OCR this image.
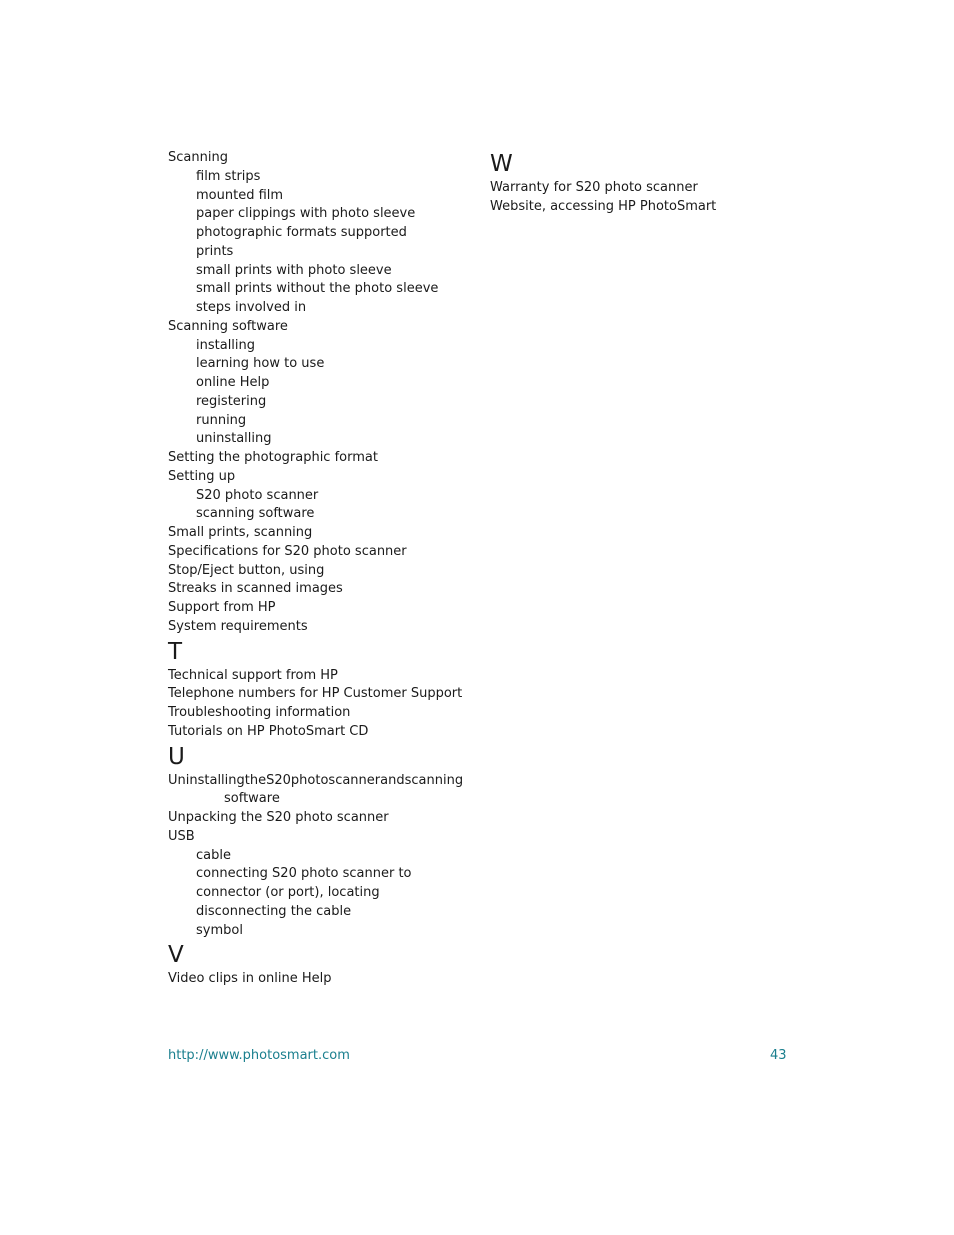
Scanning
film strips
mounted film
paper clippings with photo sleeve
photographic formats supported
prints
small prints with photo sleeve
small prints without the photo sleeve
steps involved in
Scanning software
installing
learning how to use
online Help
registering
running
uninstalling
Setting the photographic format
Setting up
S20 photo scanner
scanning software
Small prints, scanning
Specifications for S20 photo scanner
Stop/Eject button, using
Streaks in scanned images
Support from HP
System requirements
T
Technical support from HP
Telephone numbers for HP Customer Support
Troubleshooting information
Tutorials on HP PhotoSmart CD
U
Uninstalling the S20 photo scanner and scanning
software
Unpacking the S20 photo scanner
USB
cable
connecting S20 photo scanner to
connector (or port), locating
disconnecting the cable
symbol
V
Video clips in online Help
W
Warranty for S20 photo scanner
Website, accessing HP PhotoSmart
http://www.photosmart.com	43
